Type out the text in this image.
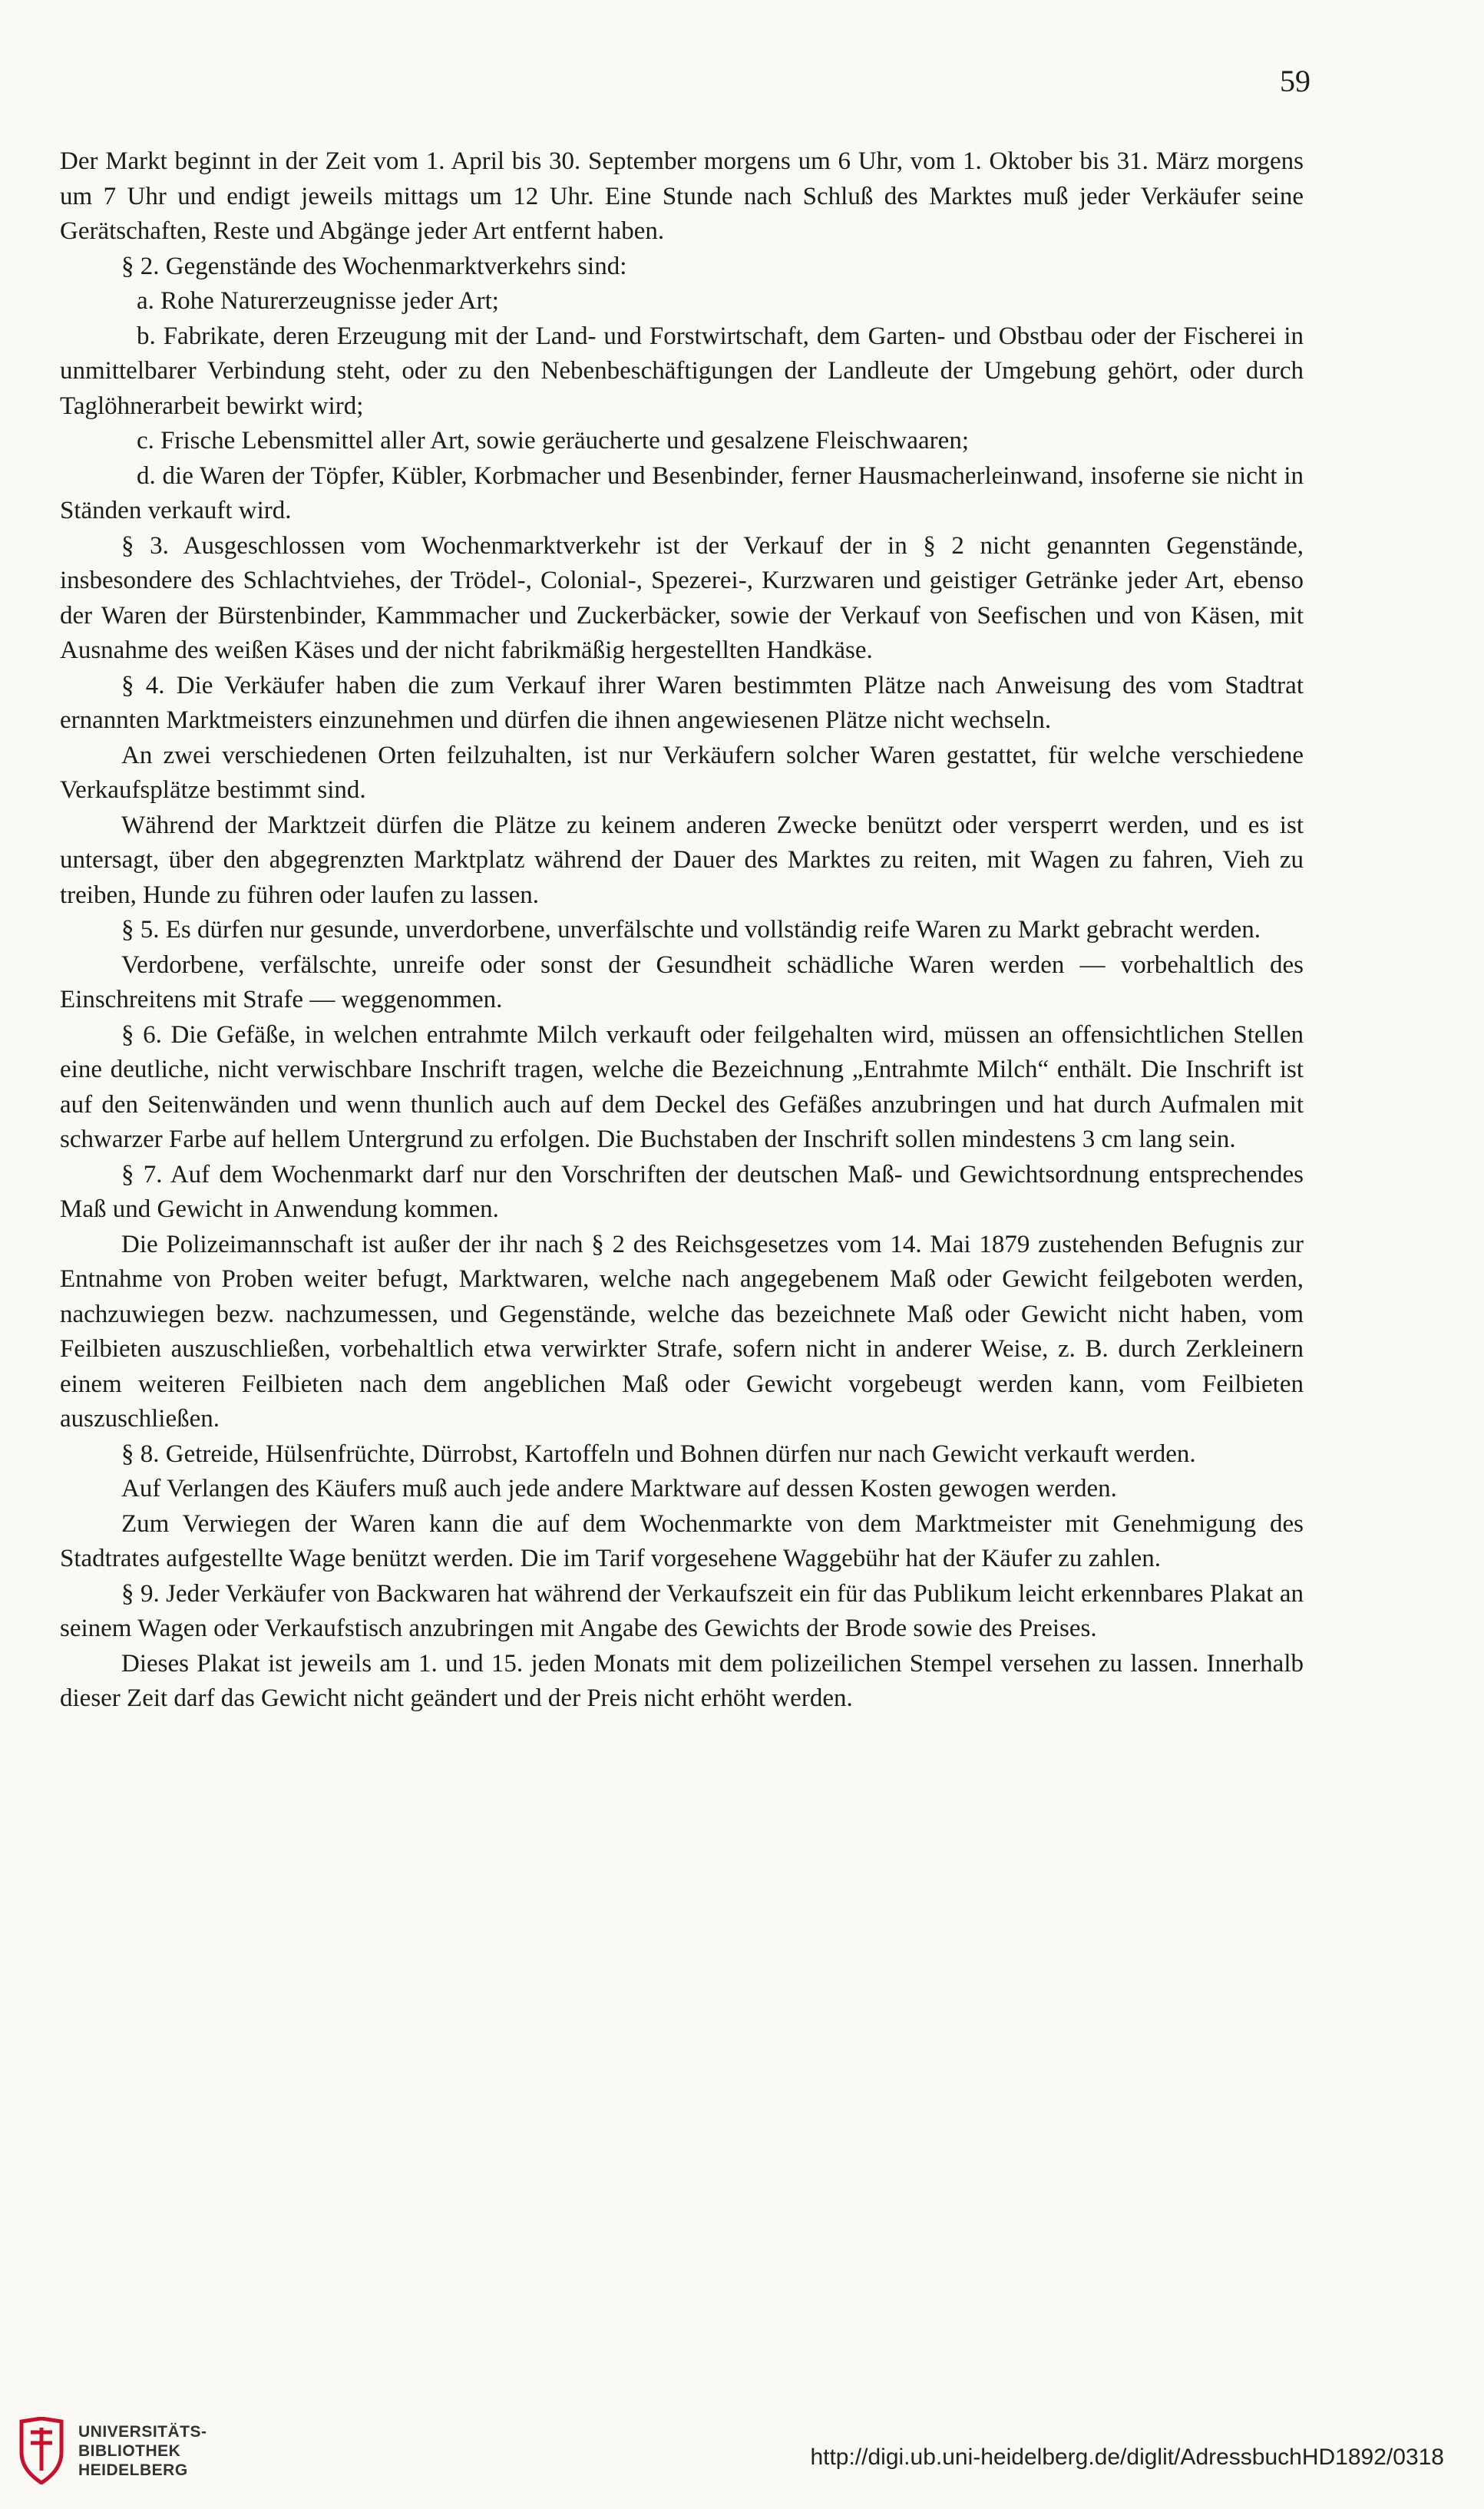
59

Der Markt beginnt in der Zeit vom 1. April bis 30. September morgens um 6 Uhr, vom 1. Oktober bis 31. März morgens um 7 Uhr und endigt jeweils mittags um 12 Uhr. Eine Stunde nach Schluß des Marktes muß jeder Verkäufer seine Gerätschaften, Reste und Abgänge jeder Art entfernt haben.

§ 2. Gegenstände des Wochenmarktverkehrs sind:

a. Rohe Naturerzeugnisse jeder Art;

b. Fabrikate, deren Erzeugung mit der Land- und Forstwirtschaft, dem Garten- und Obstbau oder der Fischerei in unmittelbarer Verbindung steht, oder zu den Nebenbeschäftigungen der Landleute der Umgebung gehört, oder durch Taglöhnerarbeit bewirkt wird;

c. Frische Lebensmittel aller Art, sowie geräucherte und gesalzene Fleischwaaren;

d. die Waren der Töpfer, Kübler, Korbmacher und Besenbinder, ferner Hausmacherleinwand, insoferne sie nicht in Ständen verkauft wird.

§ 3. Ausgeschlossen vom Wochenmarktverkehr ist der Verkauf der in § 2 nicht genannten Gegenstände, insbesondere des Schlachtviehes, der Trödel-, Colonial-, Spezerei-, Kurzwaren und geistiger Getränke jeder Art, ebenso der Waren der Bürstenbinder, Kammmacher und Zuckerbäcker, sowie der Verkauf von Seefischen und von Käsen, mit Ausnahme des weißen Käses und der nicht fabrikmäßig hergestellten Handkäse.

§ 4. Die Verkäufer haben die zum Verkauf ihrer Waren bestimmten Plätze nach Anweisung des vom Stadtrat ernannten Marktmeisters einzunehmen und dürfen die ihnen angewiesenen Plätze nicht wechseln.

An zwei verschiedenen Orten feilzuhalten, ist nur Verkäufern solcher Waren gestattet, für welche verschiedene Verkaufsplätze bestimmt sind.

Während der Marktzeit dürfen die Plätze zu keinem anderen Zwecke benützt oder versperrt werden, und es ist untersagt, über den abgegrenzten Marktplatz während der Dauer des Marktes zu reiten, mit Wagen zu fahren, Vieh zu treiben, Hunde zu führen oder laufen zu lassen.

§ 5. Es dürfen nur gesunde, unverdorbene, unverfälschte und vollständig reife Waren zu Markt gebracht werden.

Verdorbene, verfälschte, unreife oder sonst der Gesundheit schädliche Waren werden — vorbehaltlich des Einschreitens mit Strafe — weggenommen.

§ 6. Die Gefäße, in welchen entrahmte Milch verkauft oder feilgehalten wird, müssen an offensichtlichen Stellen eine deutliche, nicht verwischbare Inschrift tragen, welche die Bezeichnung „Entrahmte Milch“ enthält. Die Inschrift ist auf den Seitenwänden und wenn thunlich auch auf dem Deckel des Gefäßes anzubringen und hat durch Aufmalen mit schwarzer Farbe auf hellem Untergrund zu erfolgen. Die Buchstaben der Inschrift sollen mindestens 3 cm lang sein.

§ 7. Auf dem Wochenmarkt darf nur den Vorschriften der deutschen Maß- und Gewichtsordnung entsprechendes Maß und Gewicht in Anwendung kommen.

Die Polizeimannschaft ist außer der ihr nach § 2 des Reichsgesetzes vom 14. Mai 1879 zustehenden Befugnis zur Entnahme von Proben weiter befugt, Marktwaren, welche nach angegebenem Maß oder Gewicht feilgeboten werden, nachzuwiegen bezw. nachzumessen, und Gegenstände, welche das bezeichnete Maß oder Gewicht nicht haben, vom Feilbieten auszuschließen, vorbehaltlich etwa verwirkter Strafe, sofern nicht in anderer Weise, z. B. durch Zerkleinern einem weiteren Feilbieten nach dem angeblichen Maß oder Gewicht vorgebeugt werden kann, vom Feilbieten auszuschließen.

§ 8. Getreide, Hülsenfrüchte, Dürrobst, Kartoffeln und Bohnen dürfen nur nach Gewicht verkauft werden.

Auf Verlangen des Käufers muß auch jede andere Marktware auf dessen Kosten gewogen werden.

Zum Verwiegen der Waren kann die auf dem Wochenmarkte von dem Marktmeister mit Genehmigung des Stadtrates aufgestellte Wage benützt werden. Die im Tarif vorgesehene Waggebühr hat der Käufer zu zahlen.

§ 9. Jeder Verkäufer von Backwaren hat während der Verkaufszeit ein für das Publikum leicht erkennbares Plakat an seinem Wagen oder Verkaufstisch anzubringen mit Angabe des Gewichts der Brode sowie des Preises.

Dieses Plakat ist jeweils am 1. und 15. jeden Monats mit dem polizeilichen Stempel versehen zu lassen. Innerhalb dieser Zeit darf das Gewicht nicht geändert und der Preis nicht erhöht werden.

UNIVERSITÄTS-
BIBLIOTHEK
HEIDELBERG	http://digi.ub.uni-heidelberg.de/diglit/AdressbuchHD1892/0318
